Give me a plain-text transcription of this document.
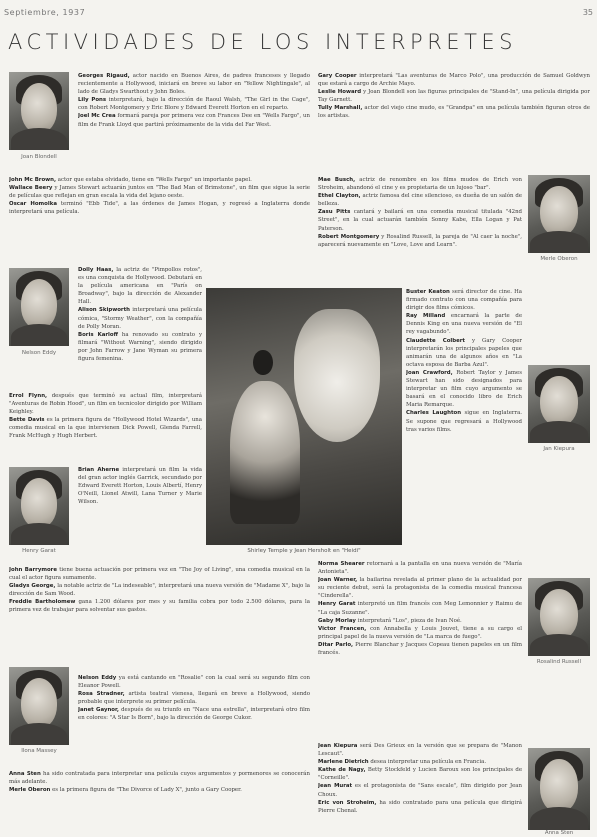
Septiembre, 1937	35
ACTIVIDADES DE LOS INTERPRETES
Joan Blondell
Nelson Eddy
Henry Garat
Ilona Massey
Merle Oberon
Jan Kiepura
Rosalind Russell
Anna Sten
Shirley Temple y Jean Hersholt en "Heidi"

Georges Rigaud, actor nacido en Buenos Aires, de padres franceses y llegado recientemente a Hollywood, iniciará en breve su labor en "Yellow Nightingale", al lado de Gladys Swarthout y John Boles.

Lily Pons interpretará, bajo la dirección de Raoul Walsh, "The Girl in the Cage", con Robert Montgomery y Eric Blore y Edward Everett Horton en el reparto.

Joel Mc Crea formará pareja por primera vez con Frances Dee en "Wells Fargo", un film de Frank Lloyd que partirá próximamente de la vida del Far West.

John Mc Brown, actor que estaba olvidado, tiene en "Wells Fargo" un importante papel.

Wallace Beery y James Stewart actuarán juntos en "The Bad Man of Brimstone", un film que sigue la serie de películas que reflejan en gran escala la vida del lejano oeste.

Oscar Homolka terminó "Ebb Tide", a las órdenes de James Hogan, y regresó a Inglaterra donde interpretará una película.

Dolly Haas, la actriz de "Pimpollos rotos", es una conquista de Hollywood. Debutará en la película americana en "París on Broadway", bajo la dirección de Alexander Hall.

Alison Skipworth interpretará una película cómica, "Stormy Weather", con la compañía de Polly Moran.

Boris Karloff ha renovado su contrato y filmará "Without Warning", siendo dirigido por John Farrow y Jane Wyman su primera figura femenina.

Errol Flynn, después que terminó su actual film, interpretará "Aventuras de Robin Hood", un film en tecnicolor dirigido por William Keighley.

Bette Davis es la primera figura de "Hollywood Hotel Wizards", una comedia musical en la que intervienen Dick Powell, Glenda Farrell, Frank McHugh y Hugh Herbert.

Brian Aherne interpretará un film la vida del gran actor inglés Garrick, secundado por Edward Everett Horton, Louis Albertí, Henry O'Neill, Lionel Atwill, Lana Turner y Marie Wilson.

John Barrymore tiene buena actuación por primera vez en "The Joy of Living", una comedia musical en la cual el actor figura sumamente.

Gladys George, la notable actriz de "La indeseable", interpretará una nueva versión de "Madame X", bajo la dirección de Sam Wood.

Freddie Bartholomew gana 1.200 dólares por mes y su familia cobra por todo 2.500 dólares, para la primera vez de trabajar para solventar sus gastos.

Nelson Eddy ya está cantando en "Rosalie" con la cual será su segundo film con Eleanor Powell.

Rosa Stradner, artista teatral vienesa, llegará en breve a Hollywood, siendo probable que interprete su primer película.

Janet Gaynor, después de su triunfo en "Nace una estrella", interpretará otro film en colores: "A Star Is Born", bajo la dirección de George Cukor.

Anna Sten ha sido contratada para interpretar una película cuyos argumentos y pormenores se conocerán más adelante.

Merle Oberon es la primera figura de "The Divorce of Lady X", junto a Gary Cooper.

Gary Cooper interpretará "Las aventuras de Marco Polo", una producción de Samuel Goldwyn que estará a cargo de Archie Mayo.

Leslie Howard y Joan Blondell son las figuras principales de "Stand-In", una película dirigida por Tay Garnett.

Tully Marshall, actor del viejo cine mudo, es "Grandpa" en una película también figuran otros de los artistas.

Mae Busch, actriz de renombre en los films mudos de Erich von Stroheim, abandonó el cine y es propietaria de un lujoso "bar".

Ethel Clayton, actriz famosa del cine silencioso, es dueña de un salón de belleza.

Zasu Pitts cantará y bailará en una comedia musical titulada "42nd Street", en la cual actuarán también Sonny Kabe, Ella Logan y Pat Paterson.

Robert Montgomery y Rosalind Russell, la pareja de "Al caer la noche", aparecerá nuevamente en "Love, Love and Learn".

Buster Keaton será director de cine. Ha firmado contrato con una compañía para dirigir dos films cómicos.

Ray Milland encarnará la parte de Dennis King en una nueva versión de "El rey vagabundo".

Claudette Colbert y Gary Cooper interpretarán los principales papeles que animarán una de algunos años en "La octava esposa de Barba Azul".

Joan Crawford, Robert Taylor y James Stewart han sido designados para interpretar un film cuyo argumento se basará en el conocido libro de Erich Maria Remarque.

Charles Laughton sigue en Inglaterra. Se supone que regresará a Hollywood tras varios films.

Norma Shearer retornará a la pantalla en una nueva versión de "María Antonieta".

Joan Warner, la bailarina revelada al primer plano de la actualidad por su reciente debut, será la protagonista de la comedia musical francesa "Cinderella".

Henry Garat interpretó un film francés con Meg Lemonnier y Raimu de "La caja Suzanne".

Gaby Morlay interpretará "Los", pieza de Ivan Noé.

Victor Francen, con Annabella y Louis Jouvet, tiene a su cargo el principal papel de la nueva versión de "La marca de fuego".

Ditar Parlo, Pierre Blanchar y Jacques Copeau tienen papeles en un film francés.

Jean Kiepura será Des Grieux en la versión que se prepara de "Manon Lescaut".

Marlene Dietrich desea interpretar una película en Francia.

Kathe de Nagy, Betty Stockfeld y Lucien Baroux son los principales de "Corneille".

Jean Murat es el protagonista de "Sans escale", film dirigido por Jean Choux.

Eric von Stroheim, ha sido contratado para una película que dirigirá Pierre Chenal.
